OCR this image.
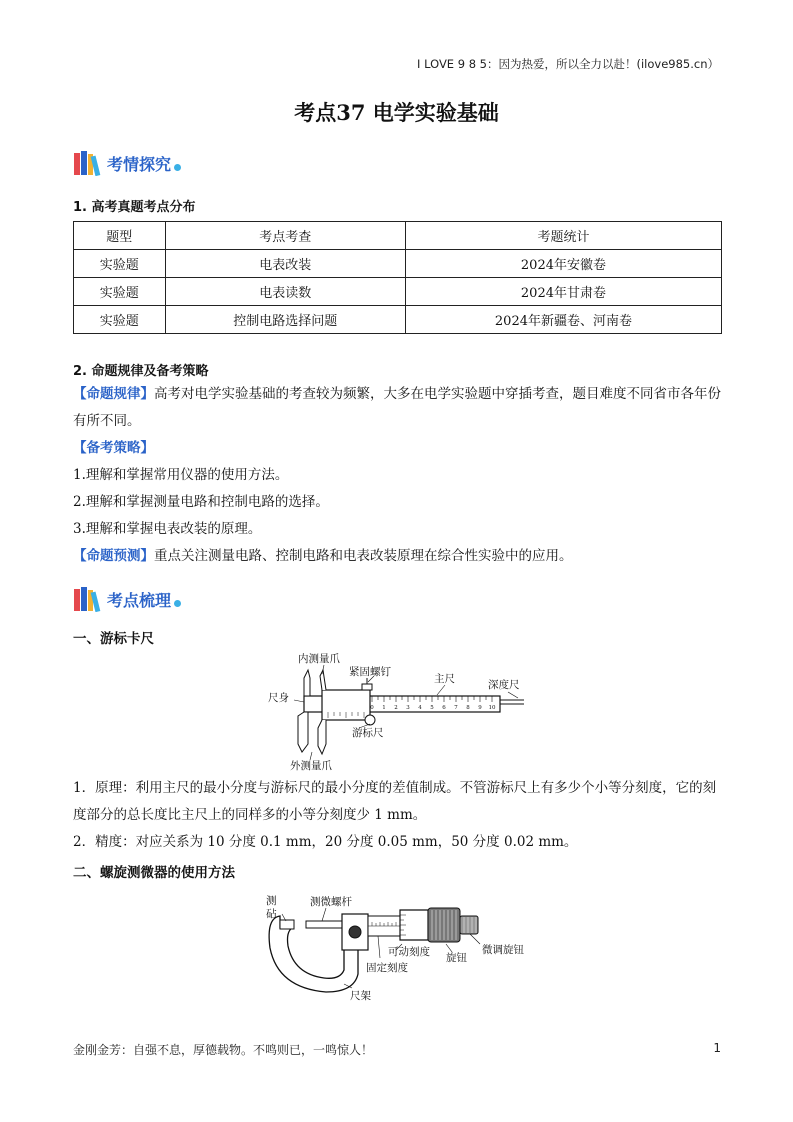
I LOVE 9 8 5：因为热爱，所以全力以赴！(ilove985.cn）
考点37 电学实验基础
考情探究
1. 高考真题考点分布
题型	考点考查	考题统计
实验题	电表改装	2024年安徽卷
实验题	电表读数	2024年甘肃卷
实验题	控制电路选择问题	2024年新疆卷、河南卷
2. 命题规律及备考策略
【命题规律】高考对电学实验基础的考查较为频繁，大多在电学实验题中穿插考查，题目难度不同省市各年份有所不同。
【备考策略】
1.理解和掌握常用仪器的使用方法。
2.理解和掌握测量电路和控制电路的选择。
3.理解和掌握电表改装的原理。
【命题预测】重点关注测量电路、控制电路和电表改装原理在综合性实验中的应用。
考点梳理
一、游标卡尺
0 1 2 3 4 5 6 7 8 9 10
内测量爪
紧固螺钉
主尺	深度尺
尺身
游标尺
外测量爪
1．原理：利用主尺的最小分度与游标尺的最小分度的差值制成。不管游标尺上有多少个小等分刻度，它的刻度部分的总长度比主尺上的同样多的小等分刻度少 1 mm。
2．精度：对应关系为 10 分度 0.1 mm，20 分度 0.05 mm，50 分度 0.02 mm。
二、螺旋测微器的使用方法
测
砧
测微螺杆
可动刻度 旋钮
微调旋钮
固定刻度
尺架
金刚金芳：自强不息，厚德载物。不鸣则已，一鸣惊人！	1
